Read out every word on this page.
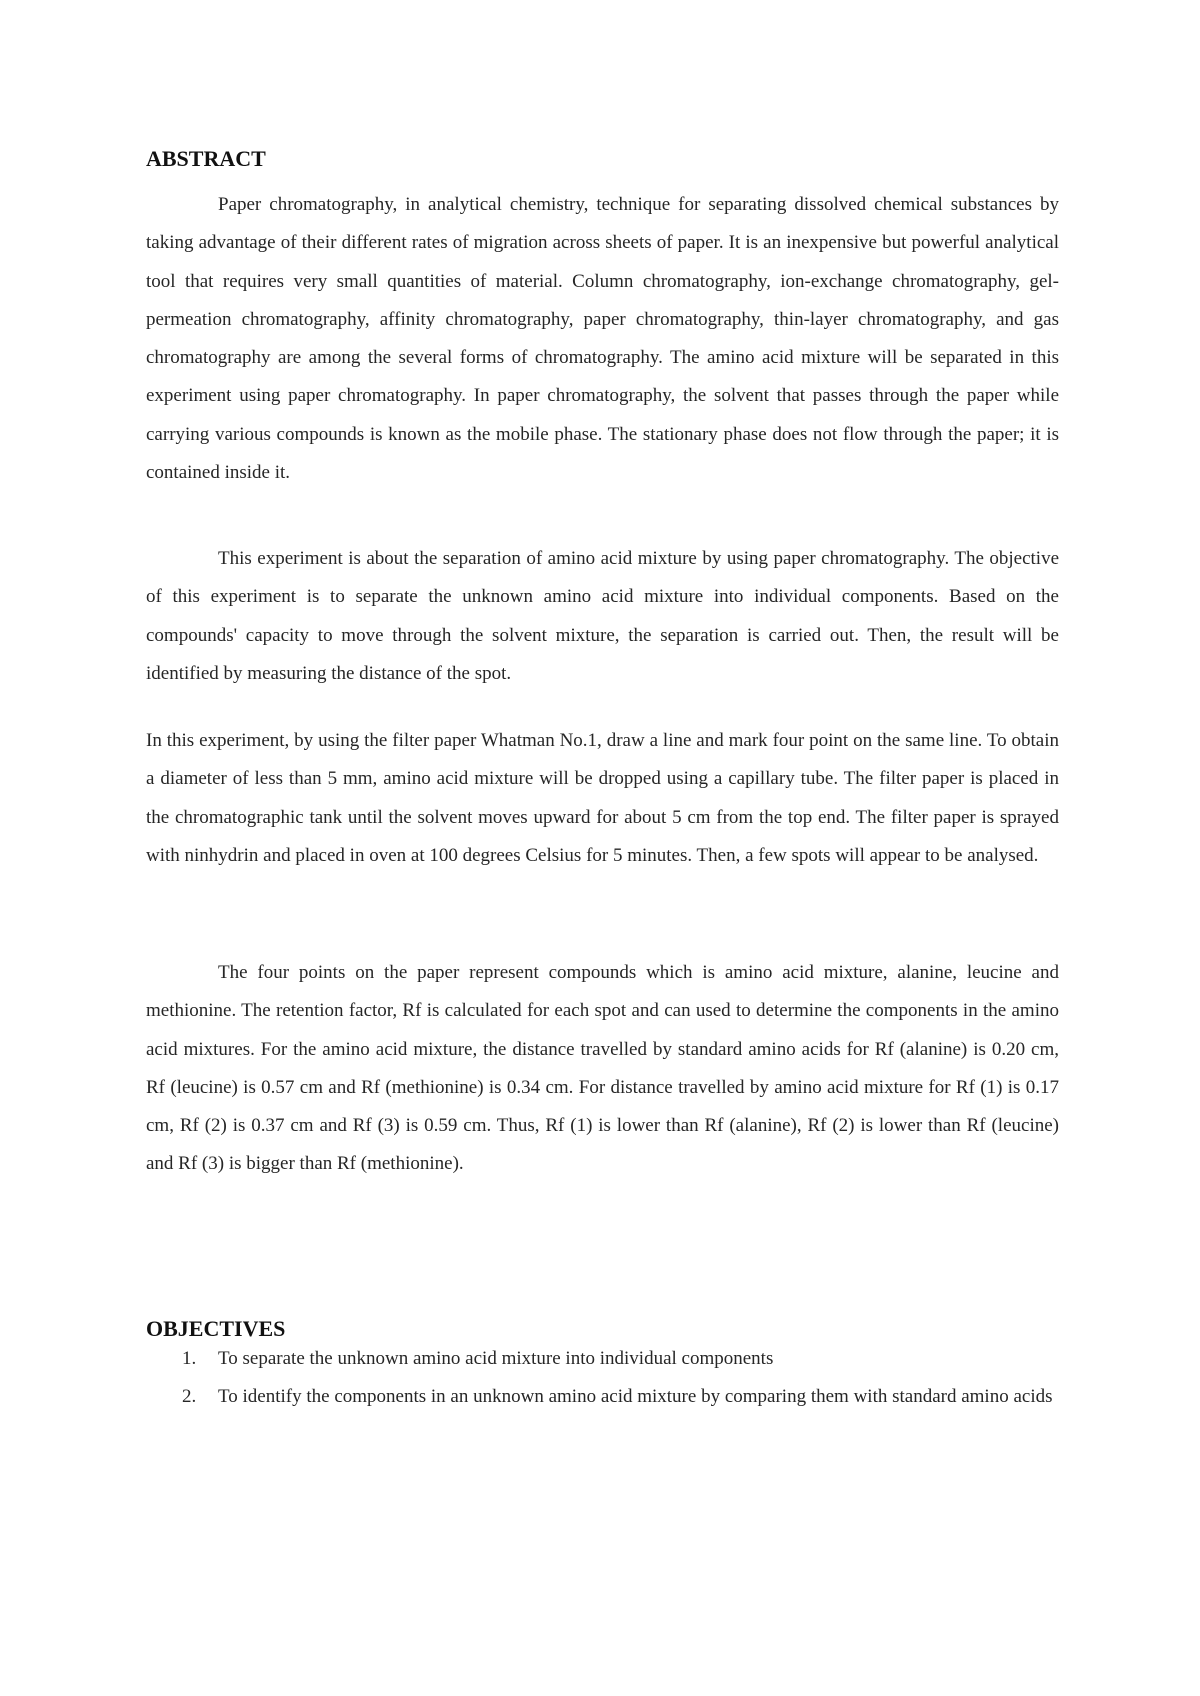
ABSTRACT

Paper chromatography, in analytical chemistry, technique for separating dissolved chemical substances by taking advantage of their different rates of migration across sheets of paper. It is an inexpensive but powerful analytical tool that requires very small quantities of material. Column chromatography, ion-exchange chromatography, gel-permeation chromatography, affinity chromatography, paper chromatography, thin-layer chromatography, and gas chromatography are among the several forms of chromatography. The amino acid mixture will be separated in this experiment using paper chromatography. In paper chromatography, the solvent that passes through the paper while carrying various compounds is known as the mobile phase. The stationary phase does not flow through the paper; it is contained inside it.

This experiment is about the separation of amino acid mixture by using paper chromatography. The objective of this experiment is to separate the unknown amino acid mixture into individual components. Based on the compounds' capacity to move through the solvent mixture, the separation is carried out. Then, the result will be identified by measuring the distance of the spot.

In this experiment, by using the filter paper Whatman No.1, draw a line and mark four point on the same line. To obtain a diameter of less than 5 mm, amino acid mixture will be dropped using a capillary tube. The filter paper is placed in the chromatographic tank until the solvent moves upward for about 5 cm from the top end. The filter paper is sprayed with ninhydrin and placed in oven at 100 degrees Celsius for 5 minutes. Then, a few spots will appear to be analysed.

The four points on the paper represent compounds which is amino acid mixture, alanine, leucine and methionine. The retention factor, Rf is calculated for each spot and can used to determine the components in the amino acid mixtures. For the amino acid mixture, the distance travelled by standard amino acids for Rf (alanine) is 0.20 cm, Rf (leucine) is 0.57 cm and Rf (methionine) is 0.34 cm. For distance travelled by amino acid mixture for Rf (1) is 0.17 cm, Rf (2) is 0.37 cm and Rf (3) is 0.59 cm. Thus, Rf (1) is lower than Rf (alanine), Rf (2) is lower than Rf (leucine) and Rf (3) is bigger than Rf (methionine).

OBJECTIVES
1. To separate the unknown amino acid mixture into individual components
2. To identify the components in an unknown amino acid mixture by comparing them with standard amino acids
